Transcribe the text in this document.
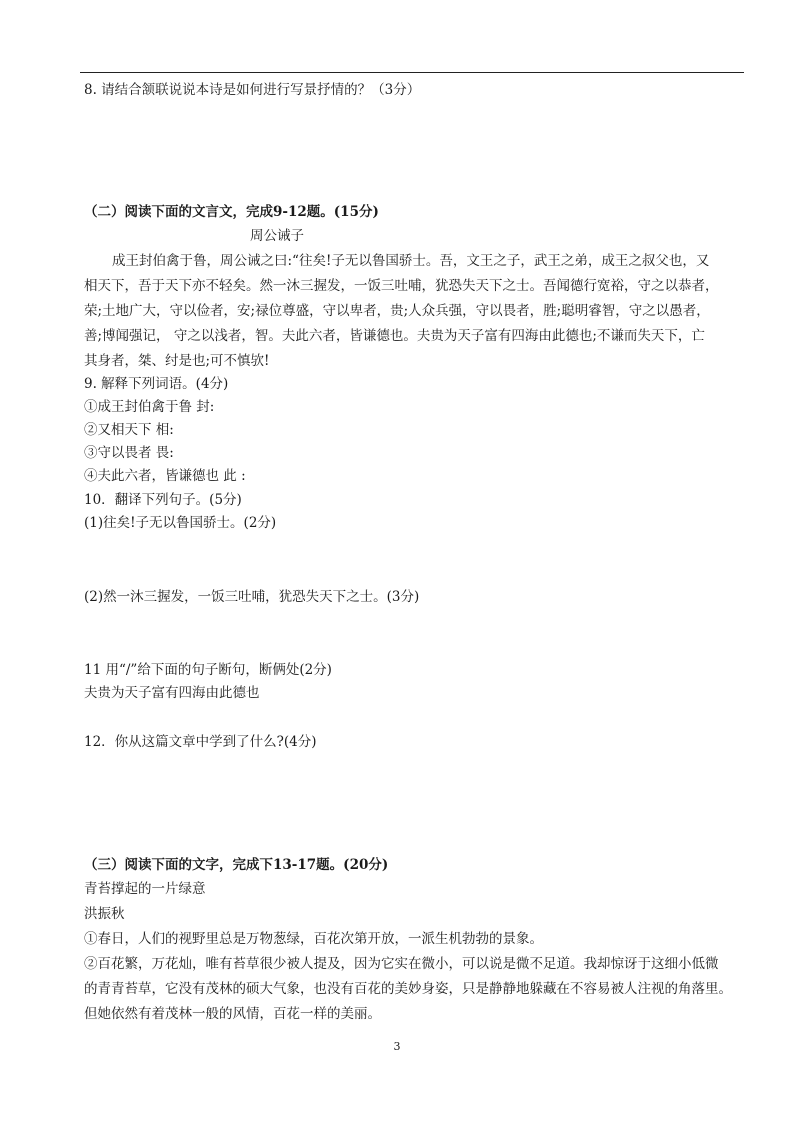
8. 请结合颔联说说本诗是如何进行写景抒情的？（3分）
（二）阅读下面的文言文，完成9-12题。(15分)
周公诫子
成王封伯禽于鲁，周公诫之曰:“往矣!子无以鲁国骄士。吾，文王之子，武王之弟，成王之叔父也，又
相天下，吾于天下亦不轻矣。然一沐三握发，一饭三吐哺，犹恐失天下之士。吾闻德行宽裕，守之以恭者，
荣;土地广大，守以俭者，安;禄位尊盛，守以卑者，贵;人众兵强，守以畏者，胜;聪明睿智，守之以愚者，
善;博闻强记， 守之以浅者，智。夫此六者，皆谦德也。夫贵为天子富有四海由此德也;不谦而失天下，亡
其身者，桀、纣是也;可不慎欤!
9. 解释下列词语。(4分)
①成王封伯禽于鲁 封:
②又相天下 相:
③守以畏者 畏:
④夫此六者，皆谦德也 此 :
10．翻译下列句子。(5分)
(1)往矣!子无以鲁国骄士。(2分)
(2)然一沐三握发，一饭三吐哺，犹恐失天下之士。(3分)
11 用“/”给下面的句子断句，断俩处(2分)
夫贵为天子富有四海由此德也
12．你从这篇文章中学到了什么?(4分)
（三）阅读下面的文字，完成下13-17题。(20分)
青苔撑起的一片绿意
洪振秋
①春日，人们的视野里总是万物葱绿，百花次第开放，一派生机勃勃的景象。
②百花繁，万花灿，唯有苔草很少被人提及，因为它实在微小，可以说是微不足道。我却惊讶于这细小低微
的青青苔草，它没有茂林的硕大气象，也没有百花的美妙身姿，只是静静地躲藏在不容易被人注视的角落里。
但她依然有着茂林一般的风情，百花一样的美丽。
3
